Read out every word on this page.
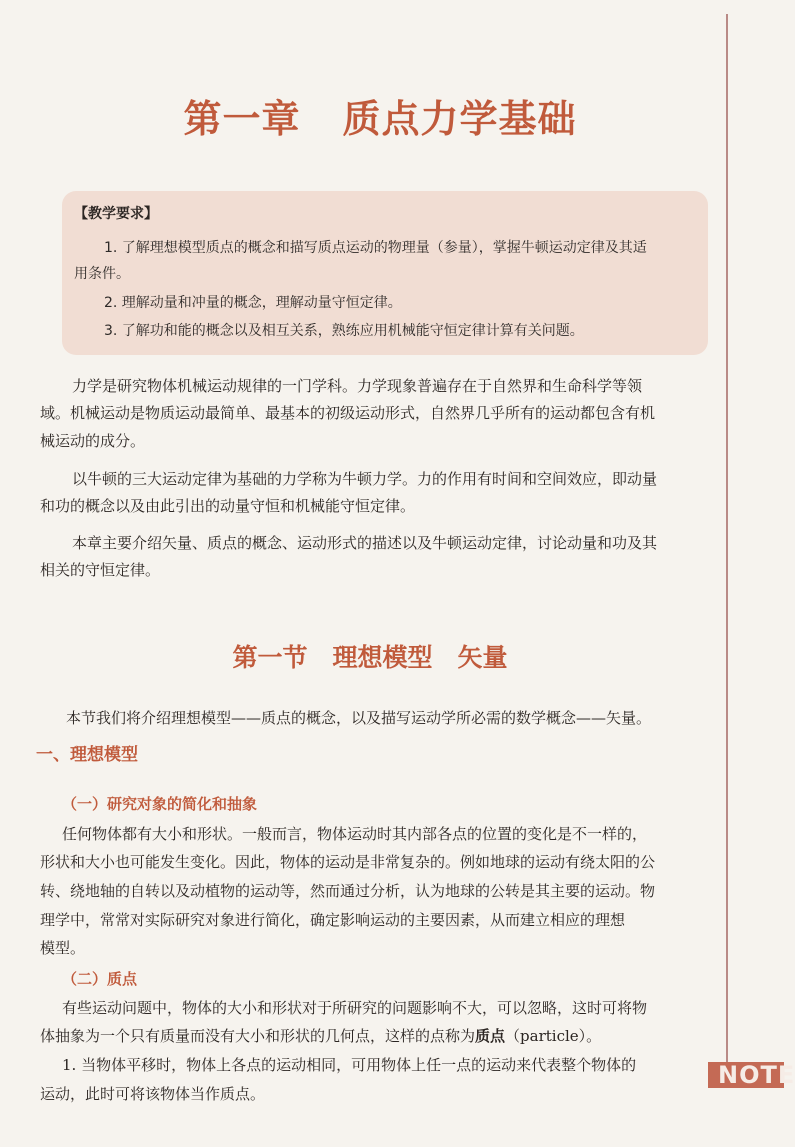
第一章 质点力学基础
【教学要求】
1. 了解理想模型质点的概念和描写质点运动的物理量（参量），掌握牛顿运动定律及其适
用条件。
2. 理解动量和冲量的概念，理解动量守恒定律。
3. 了解功和能的概念以及相互关系，熟练应用机械能守恒定律计算有关问题。
力学是研究物体机械运动规律的一门学科。力学现象普遍存在于自然界和生命科学等领
域。机械运动是物质运动最简单、最基本的初级运动形式，自然界几乎所有的运动都包含有机
械运动的成分。
以牛顿的三大运动定律为基础的力学称为牛顿力学。力的作用有时间和空间效应，即动量
和功的概念以及由此引出的动量守恒和机械能守恒定律。
本章主要介绍矢量、质点的概念、运动形式的描述以及牛顿运动定律，讨论动量和功及其
相关的守恒定律。
第一节　理想模型　矢量
本节我们将介绍理想模型——质点的概念，以及描写运动学所必需的数学概念——矢量。
一、理想模型
（一）研究对象的简化和抽象
任何物体都有大小和形状。一般而言，物体运动时其内部各点的位置的变化是不一样的，
形状和大小也可能发生变化。因此，物体的运动是非常复杂的。例如地球的运动有绕太阳的公
转、绕地轴的自转以及动植物的运动等，然而通过分析，认为地球的公转是其主要的运动。物
理学中，常常对实际研究对象进行简化，确定影响运动的主要因素，从而建立相应的理想
模型。
（二）质点
有些运动问题中，物体的大小和形状对于所研究的问题影响不大，可以忽略，这时可将物
体抽象为一个只有质量而没有大小和形状的几何点，这样的点称为质点（particle）。
1. 当物体平移时，物体上各点的运动相同，可用物体上任一点的运动来代表整个物体的
运动，此时可将该物体当作质点。
NOTE
